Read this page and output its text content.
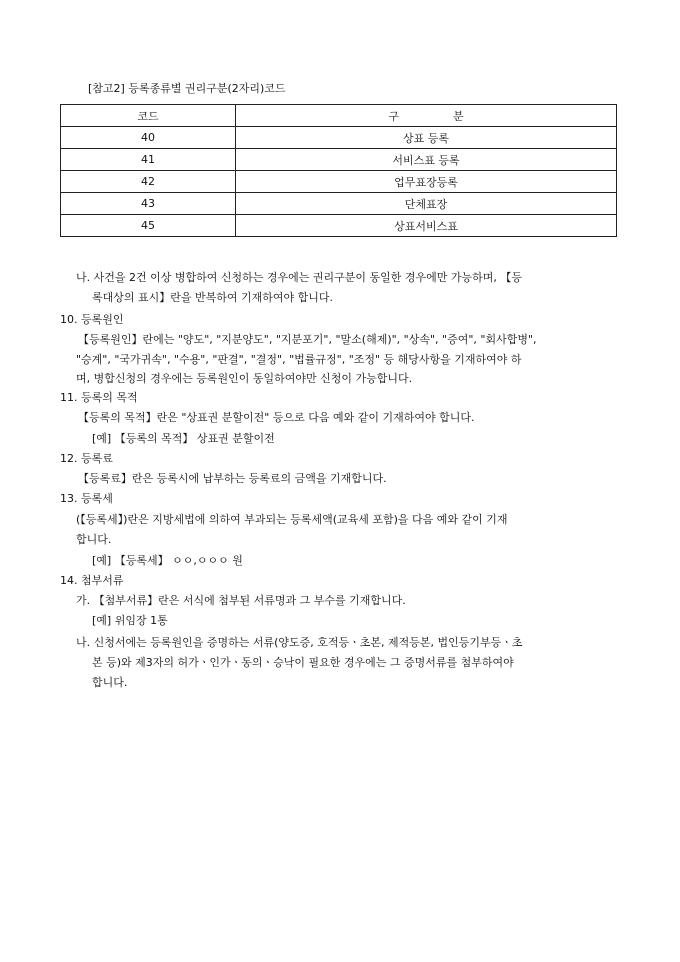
[참고2] 등록종류별 권리구분(2자리)코드
코드	구 분
40	상표 등록
41	서비스표 등록
42	업무표장등록
43	단체표장
45	상표서비스표
나. 사건을 2건 이상 병합하여 신청하는 경우에는 권리구분이 동일한 경우에만 가능하며, 【등
록대상의 표시】란을 반복하여 기재하여야 합니다.
10. 등록원인
【등록원인】란에는 "양도", "지분양도", "지분포기", "말소(해제)", "상속", "증여", "회사합병",
"승계", "국가귀속", "수용", "판결", "결정", "법률규정", "조정" 등 해당사항을 기재하여야 하
며, 병합신청의 경우에는 등록원인이 동일하여야만 신청이 가능합니다.
11. 등록의 목적
【등록의 목적】란은 "상표권 분할이전" 등으로 다음 예와 같이 기재하여야 합니다.
[예] 【등록의 목적】 상표권 분할이전
12. 등록료
【등록료】란은 등록시에 납부하는 등록료의 금액을 기재합니다.
13. 등록세
(【등록세】)란은 지방세법에 의하여 부과되는 등록세액(교육세 포함)을 다음 예와 같이 기재
합니다.
[예] 【등록세】 ㅇㅇ,ㅇㅇㅇ 원
14. 첨부서류
가. 【첨부서류】란은 서식에 첨부된 서류명과 그 부수를 기재합니다.
[예] 위임장 1통
나. 신청서에는 등록원인을 증명하는 서류(양도증, 호적등ㆍ초본, 제적등본, 법인등기부등ㆍ초
본 등)와 제3자의 허가ㆍ인가ㆍ동의ㆍ승낙이 필요한 경우에는 그 증명서류를 첨부하여야
합니다.
